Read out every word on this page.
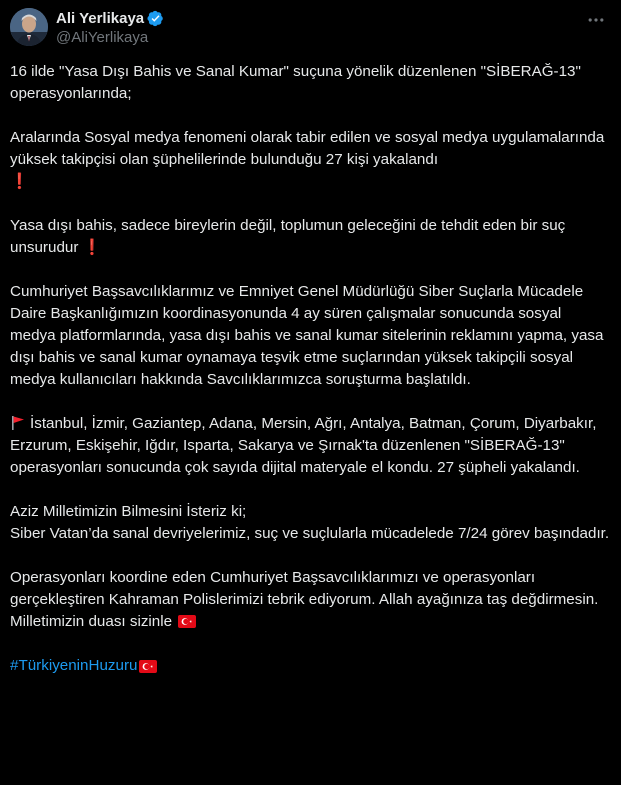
Ali Yerlikaya
@AliYerlikaya

16 ilde "Yasa Dışı Bahis ve Sanal Kumar" suçuna yönelik düzenlenen "SİBERAĞ-13" operasyonlarında;

Aralarında Sosyal medya fenomeni olarak tabir edilen ve sosyal medya uygulamalarında yüksek takipçisi olan şüphelilerinde bulunduğu 27 kişi yakalandı
❗

Yasa dışı bahis, sadece bireylerin değil, toplumun geleceğini de tehdit eden bir suç unsurudur ❗

Cumhuriyet Başsavcılıklarımız ve Emniyet Genel Müdürlüğü Siber Suçlarla Mücadele Daire Başkanlığımızın koordinasyonunda 4 ay süren çalışmalar sonucunda sosyal medya platformlarında, yasa dışı bahis ve sanal kumar sitelerinin reklamını yapma, yasa dışı bahis ve sanal kumar oynamaya teşvik etme suçlarından yüksek takipçili sosyal medya kullanıcıları hakkında Savcılıklarımızca soruşturma başlatıldı.

İstanbul, İzmir, Gaziantep, Adana, Mersin, Ağrı, Antalya, Batman, Çorum, Diyarbakır, Erzurum, Eskişehir, Iğdır, Isparta, Sakarya ve Şırnak'ta düzenlenen "SİBERAĞ-13" operasyonları sonucunda çok sayıda dijital materyale el kondu. 27 şüpheli yakalandı.

Aziz Milletimizin Bilmesini İsteriz ki;
Siber Vatan’da sanal devriyelerimiz, suç ve suçlularla mücadelede 7/24 görev başındadır.

Operasyonları koordine eden Cumhuriyet Başsavcılıklarımızı ve operasyonları gerçekleştiren Kahraman Polislerimizi tebrik ediyorum. Allah ayağınıza taş değdirmesin. Milletimizin duası sizinle

#TürkiyeninHuzuru
